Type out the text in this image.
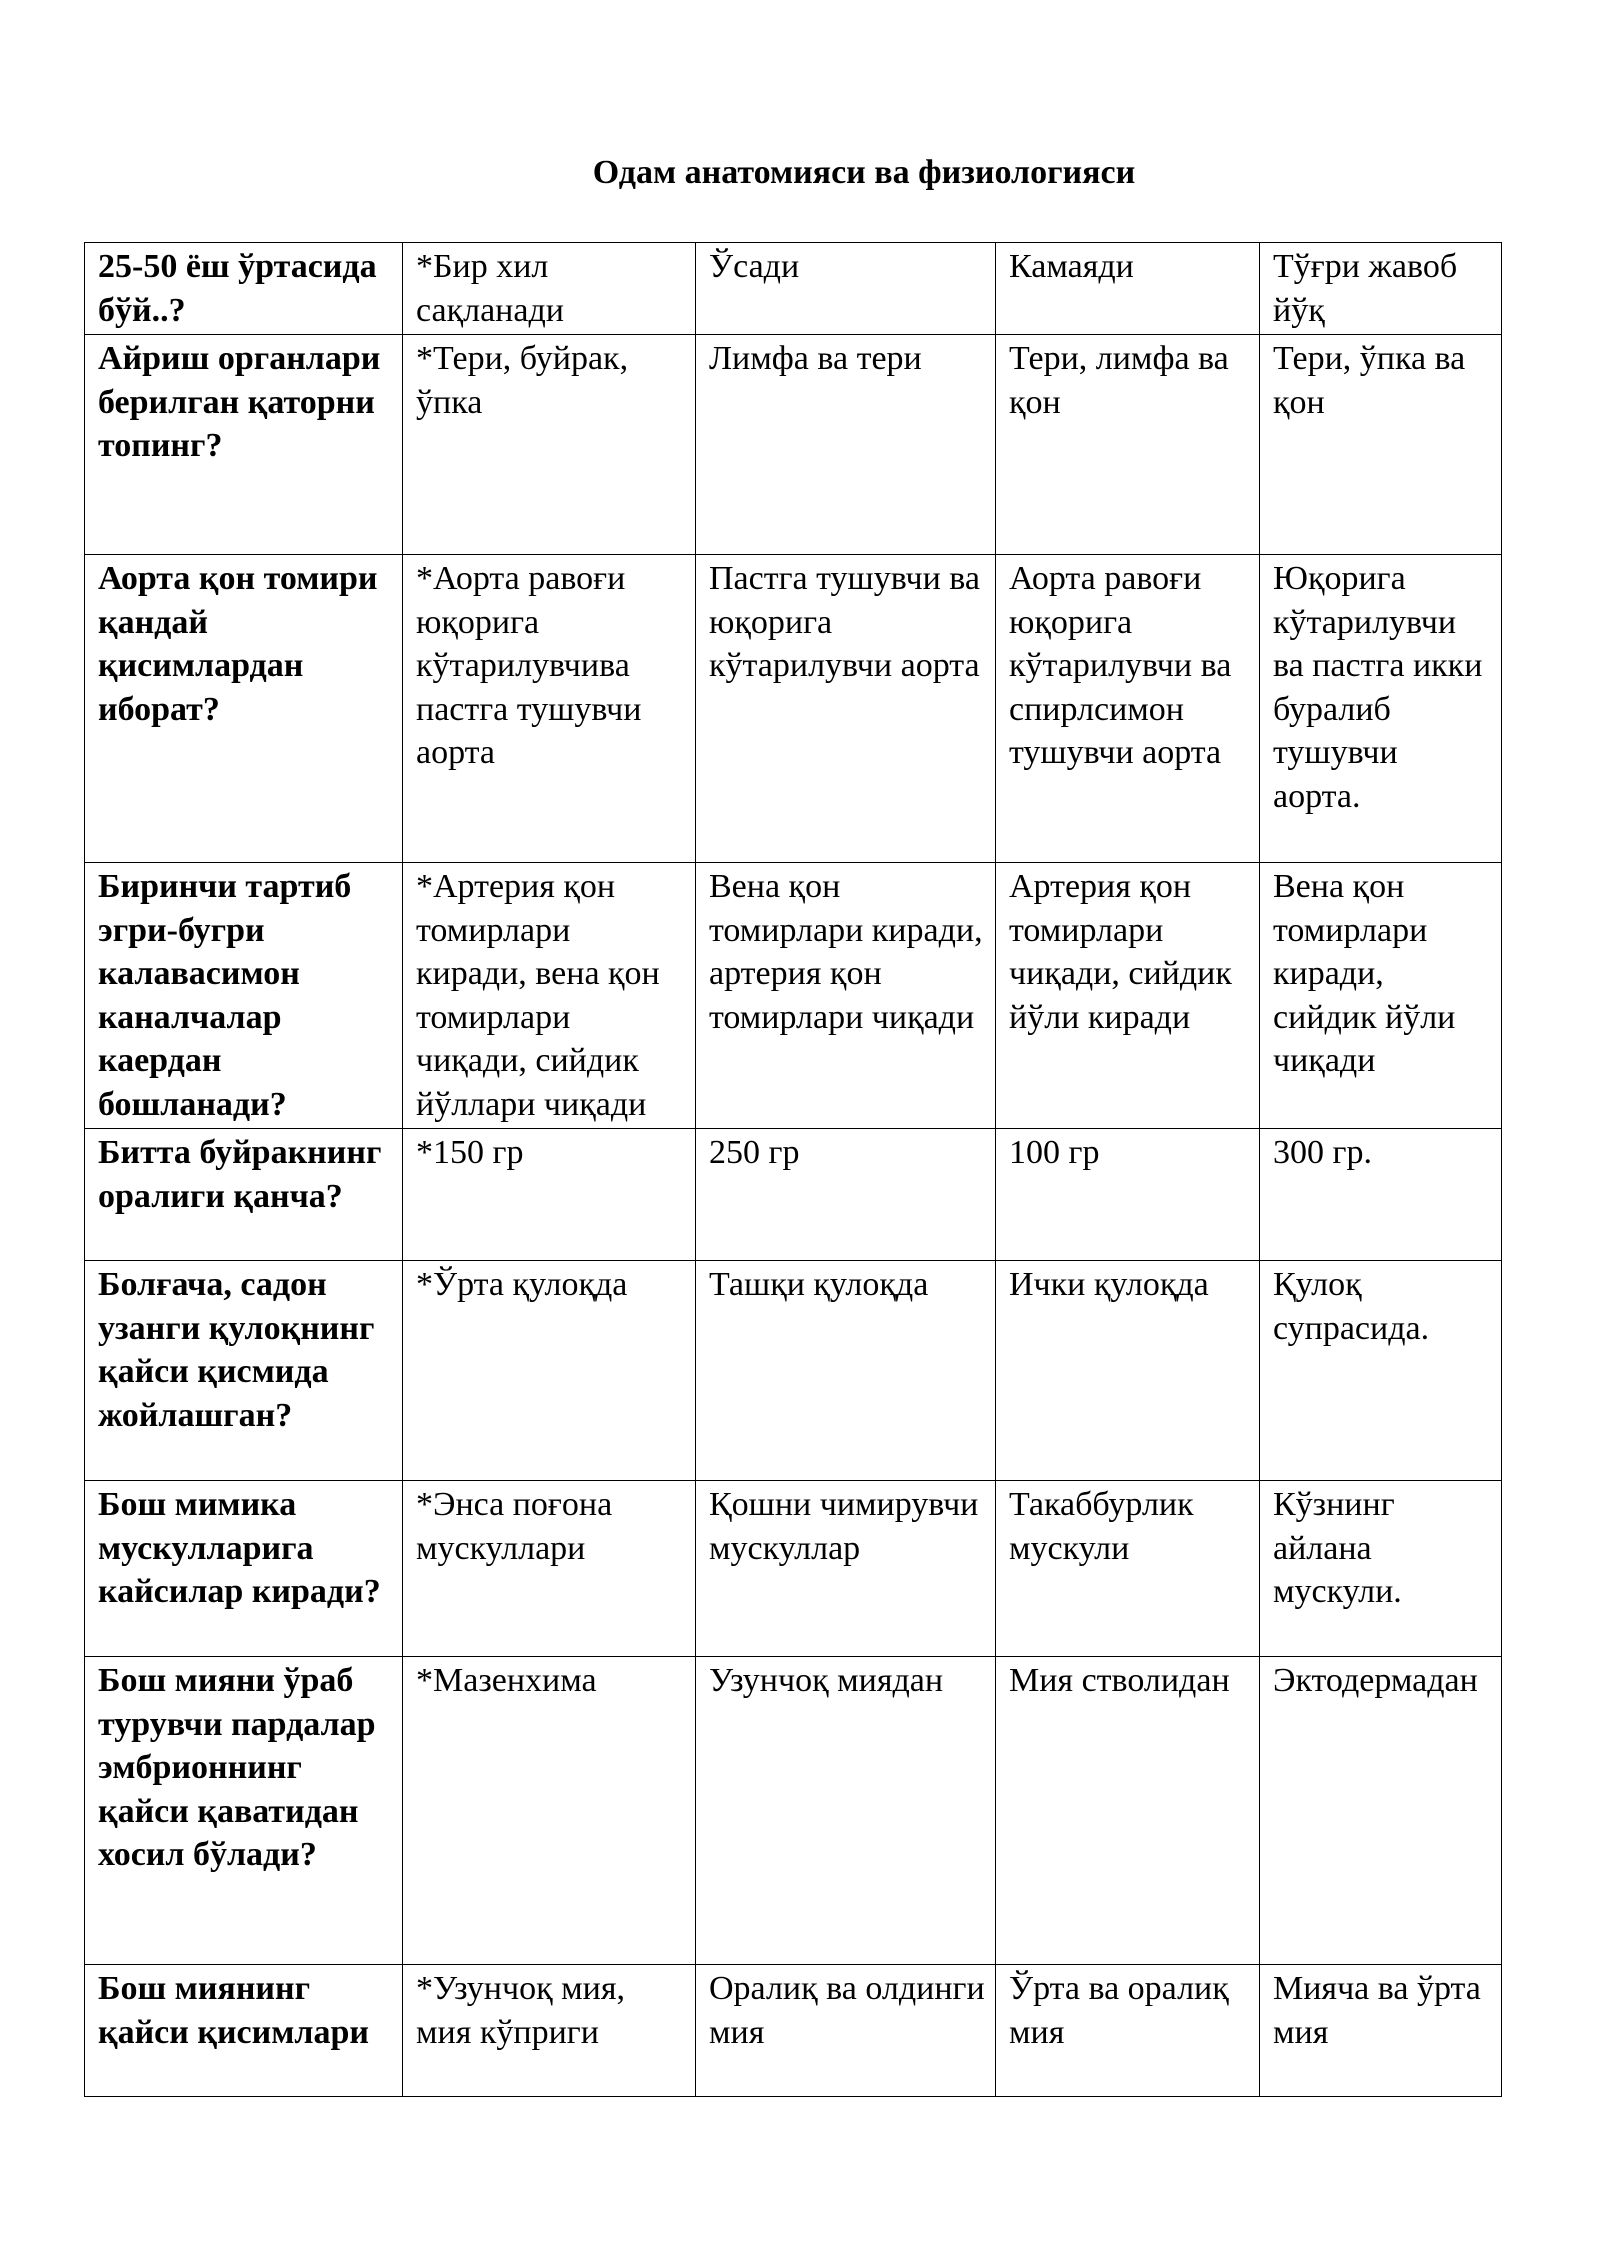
Одам анатомияси ва физиологияси
25-50 ёш ўртасида бўй..?	*Бир хил сақланади	Ўсади	Камаяди	Тўғри жавоб йўқ
Айриш органлари берилган қаторни топинг?	*Тери, буйрак, ўпка	Лимфа ва тери	Тери, лимфа ва қон	Тери, ўпка ва қон
Аорта қон томири қандай қисимлардан иборат?	*Аорта равоғи юқорига кўтарилувчива пастга тушувчи аорта	Пастга тушувчи ва юқорига кўтарилувчи аорта	Аорта равоғи юқорига кўтарилувчи ва спирлсимон тушувчи аорта	Юқорига кўтарилувчи ва пастга икки буралиб тушувчи аорта.
Биринчи тартиб эгри-бугри калавасимон каналчалар каердан бошланади?	*Артерия қон томирлари киради, вена қон томирлари чиқади, сийдик йўллари чиқади	Вена қон томирлари киради, артерия қон томирлари чиқади	Артерия қон томирлари чиқади, сийдик йўли киради	Вена қон томирлари киради, сийдик йўли чиқади
Битта буйракнинг оралиги қанча?	*150 гр	250 гр	100 гр	300 гр.
Болғача, садон узанги қулоқнинг қайси қисмида жойлашган?	*Ўрта қулоқда	Ташқи қулоқда	Ички қулоқда	Қулоқ супрасида.
Бош мимика мускулларига кайсилар киради?	*Энса поғона мускуллари	Қошни чимирувчи мускуллар	Такаббурлик мускули	Кўзнинг айлана мускули.
Бош мияни ўраб турувчи пардалар эмбрионнинг қайси қаватидан хосил бўлади?	*Мазенхима	Узунчоқ миядан	Мия стволидан	Эктодермадан
Бош миянинг қайси қисимлари	*Узунчоқ мия, мия кўприги	Оралиқ ва олдинги мия	Ўрта ва оралиқ мия	Мияча ва ўрта мия
